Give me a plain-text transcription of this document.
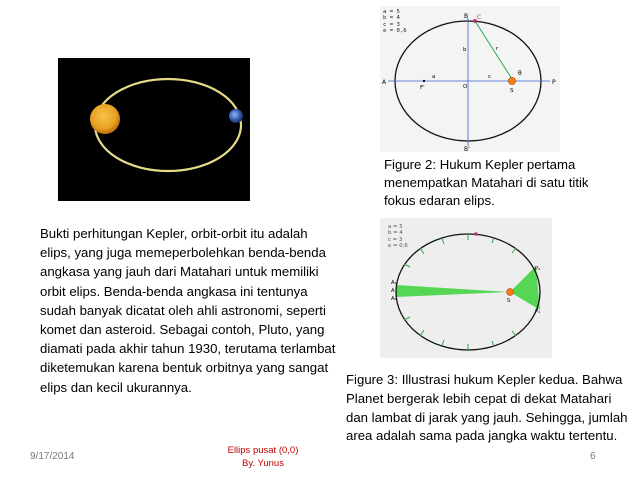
a = 5
b = 4
c = 3
e = 0,6
A	P
B C
F'	O
S
B'
a
b
c
r
θ
Figure 2: Hukum Kepler pertama menempatkan Matahari di satu titik fokus edaran elips.
a = 5
b = 4
c = 3
e = 0,6
A₁
A
A₂	S
P₁
P₂
Figure 3: Illustrasi hukum Kepler kedua. Bahwa Planet bergerak lebih cepat di dekat Matahari dan lambat di jarak yang jauh. Sehingga, jumlah area adalah sama pada jangka waktu tertentu.
Bukti perhitungan Kepler, orbit-orbit itu adalah elips, yang juga memeperbolehkan benda-benda angkasa yang jauh dari Matahari untuk memiliki orbit elips. Benda-benda angkasa ini tentunya sudah banyak dicatat oleh ahli astronomi, seperti komet dan asteroid. Sebagai contoh, Pluto, yang diamati pada akhir tahun 1930, terutama terlambat diketemukan karena bentuk orbitnya yang sangat elips dan kecil ukurannya.
9/17/2014
Ellips pusat (0,0)
By. Yunus
6
